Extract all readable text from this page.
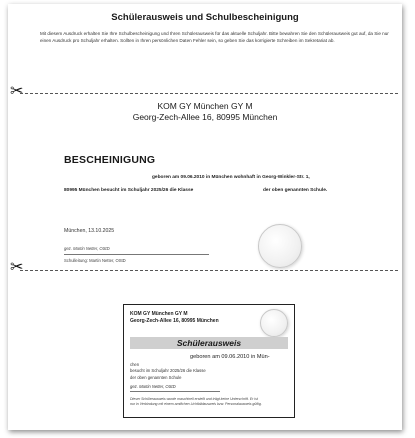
Schülerausweis und Schulbescheinigung
Mit diesem Ausdruck erhalten Sie Ihre Schulbescheinigung und Ihren Schülerausweis für das aktuelle Schuljahr. Bitte bewahren Sie den Schülerausweis gut auf, da Sie nur einen Ausdruck pro Schuljahr erhalten. Sollten in Ihren persönlichen Daten Fehler sein, so geben Sie das korrigierte Schreiben im Sekretariat ab.
✂
KOM GY München GY M
Georg-Zech-Allee 16, 80995 München
BESCHEINIGUNG
geboren am 09.06.2010 in München wohnhaft in Georg-Winkler-Str. 1,
80995 München besucht im Schuljahr 2025/26 die Klasse	der oben genannten Schule.
München, 13.10.2025
gez. Martin Netter, OStD
Schulleitung: Martin Netter, OStD
✂
KOM GY München GY M
Georg-Zech-Allee 16, 80995 München
Schülerausweis
geboren am 09.06.2010 in Mün-
chen
besucht im Schuljahr 2025/26 die Klasse
der oben genannten Schule
gez. Martin Netter, OStD
Dieser Schülerausweis wurde maschinell erstellt und trägt keine Unterschrift. Er ist
nur in Verbindung mit einem amtlichen Lichtbildausweis bzw. Personalausweis gültig.
